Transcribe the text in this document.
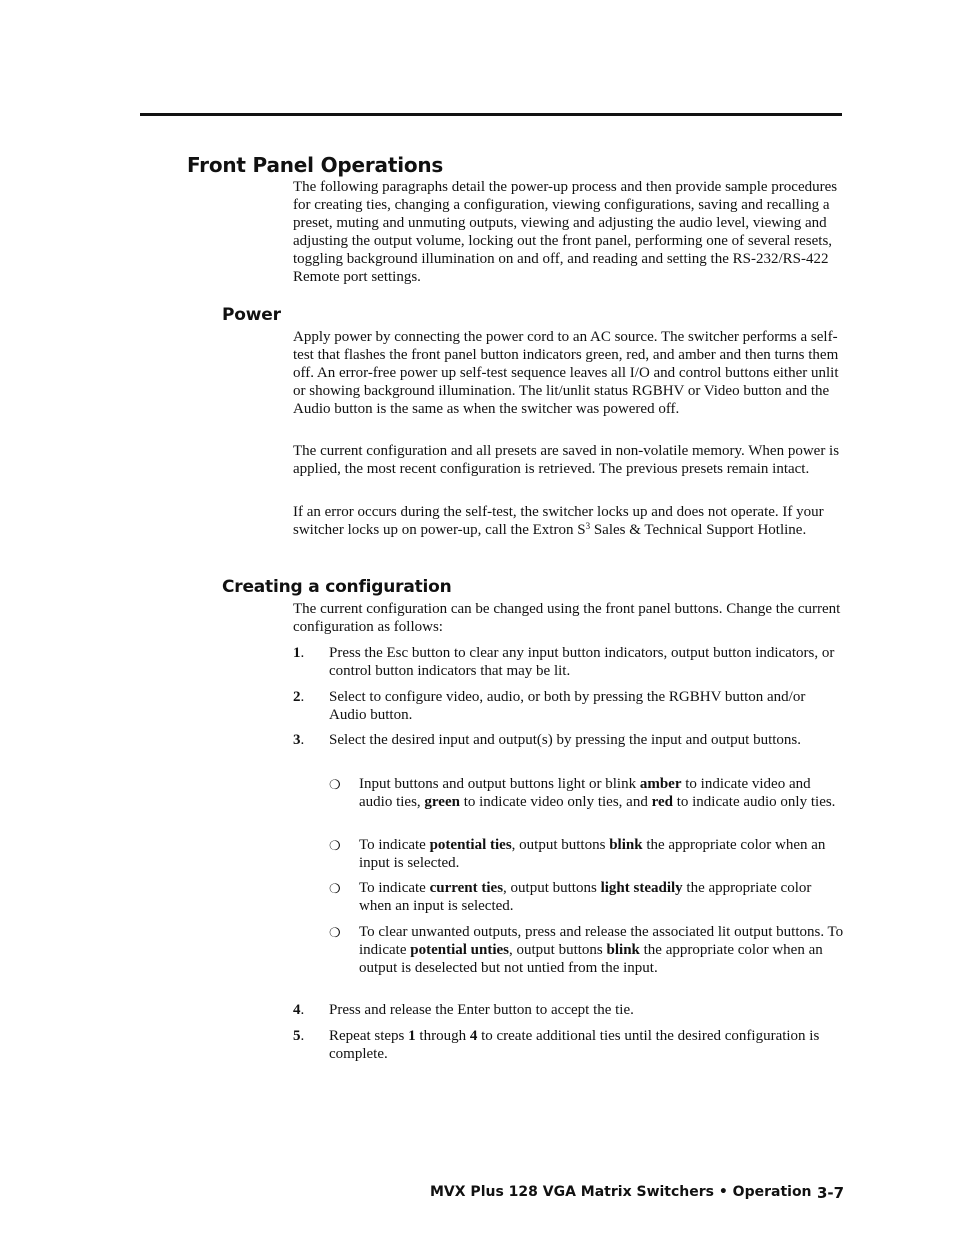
Front Panel Operations

The following paragraphs detail the power-up process and then provide sample procedures for creating ties, changing a configuration, viewing configurations, saving and recalling a preset, muting and unmuting outputs, viewing and adjusting the audio level, viewing and adjusting the output volume, locking out the front panel, performing one of several resets, toggling background illumination on and off, and reading and setting the RS-232/RS-422 Remote port settings.

Power

Apply power by connecting the power cord to an AC source. The switcher performs a self-test that flashes the front panel button indicators green, red, and amber and then turns them off. An error-free power up self-test sequence leaves all I/O and control buttons either unlit or showing background illumination. The lit/unlit status RGBHV or Video button and the Audio button is the same as when the switcher was powered off.

The current configuration and all presets are saved in non-volatile memory. When power is applied, the most recent configuration is retrieved. The previous presets remain intact.

If an error occurs during the self-test, the switcher locks up and does not operate. If your switcher locks up on power-up, call the Extron $S^3$ Sales & Technical Support Hotline.

Creating a configuration

The current configuration can be changed using the front panel buttons. Change the current configuration as follows:

1. Press the Esc button to clear any input button indicators, output button indicators, or control button indicators that may be lit.
2. Select to configure video, audio, or both by pressing the RGBHV button and/or Audio button.
3. Select the desired input and output(s) by pressing the input and output buttons.
❍ Input buttons and output buttons light or blink amber to indicate video and audio ties, green to indicate video only ties, and red to indicate audio only ties.
❍ To indicate potential ties, output buttons blink the appropriate color when an input is selected.
❍ To indicate current ties, output buttons light steadily the appropriate color when an input is selected.
❍ To clear unwanted outputs, press and release the associated lit output buttons. To indicate potential unties, output buttons blink the appropriate color when an output is deselected but not untied from the input.
4. Press and release the Enter button to accept the tie.
5. Repeat steps 1 through 4 to create additional ties until the desired configuration is complete.
MVX Plus 128 VGA Matrix Switchers • Operation 3-7
